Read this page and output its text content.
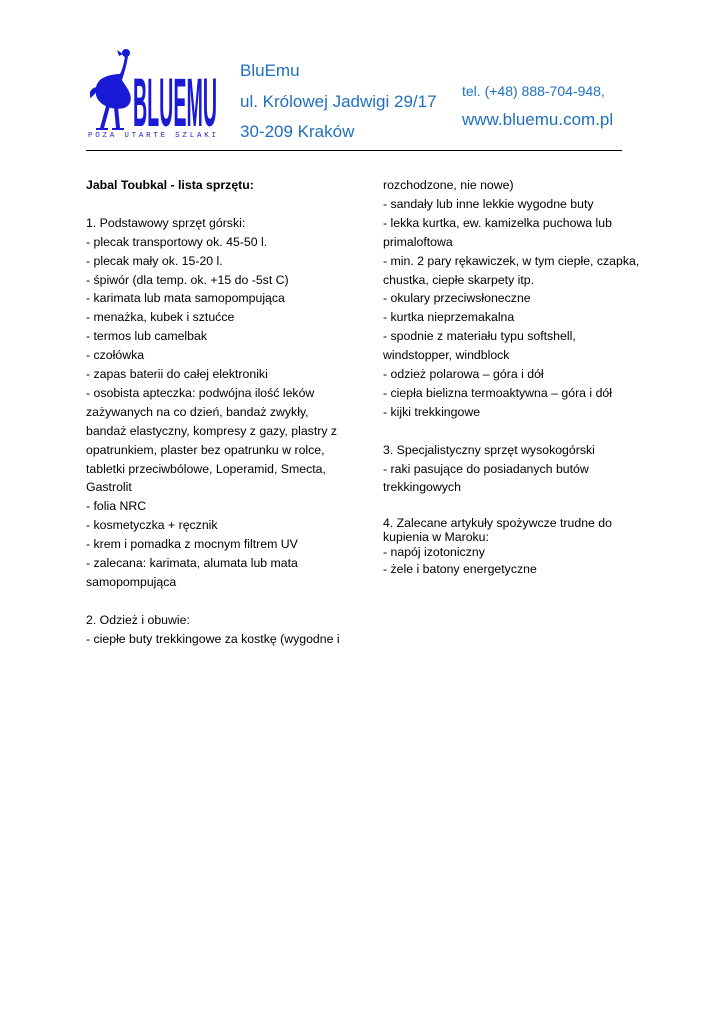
BLUEMU
POZA UTARTE SZLAKI
BluEmu
ul. Królowej Jadwigi 29/17
30-209 Kraków
tel. (+48) 888-704-948,
www.bluemu.com.pl

Jabal Toubkal - lista sprzętu:

1. Podstawowy sprzęt górski:

- plecak transportowy ok. 45-50 l.

- plecak mały ok. 15-20 l.

- śpiwór (dla temp. ok. +15 do -5st C)

- karimata lub mata samopompująca

- menażka, kubek i sztućce

- termos lub camelbak

- czołówka

- zapas baterii do całej elektroniki

- osobista apteczka: podwójna ilość leków

zażywanych na co dzień, bandaż zwykły,

bandaż elastyczny, kompresy z gazy, plastry z

opatrunkiem, plaster bez opatrunku w rolce,

tabletki przeciwbólowe, Loperamid, Smecta,

Gastrolit

- folia NRC

- kosmetyczka + ręcznik

- krem i pomadka z mocnym filtrem UV

- zalecana: karimata, alumata lub mata

samopompująca

2. Odzież i obuwie:

- ciepłe buty trekkingowe za kostkę (wygodne i

rozchodzone, nie nowe)

- sandały lub inne lekkie wygodne buty

- lekka kurtka, ew. kamizelka puchowa lub

primaloftowa

- min. 2 pary rękawiczek, w tym ciepłe, czapka,

chustka, ciepłe skarpety itp.

- okulary przeciwsłoneczne

- kurtka nieprzemakalna

- spodnie z materiału typu softshell,

windstopper, windblock

- odzież polarowa – góra i dół

- ciepła bielizna termoaktywna – góra i dół

- kijki trekkingowe

3. Specjalistyczny sprzęt wysokogórski

- raki pasujące do posiadanych butów

trekkingowych

4. Zalecane artykuły spożywcze trudne do

kupienia w Maroku:

- napój izotoniczny

- żele i batony energetyczne
